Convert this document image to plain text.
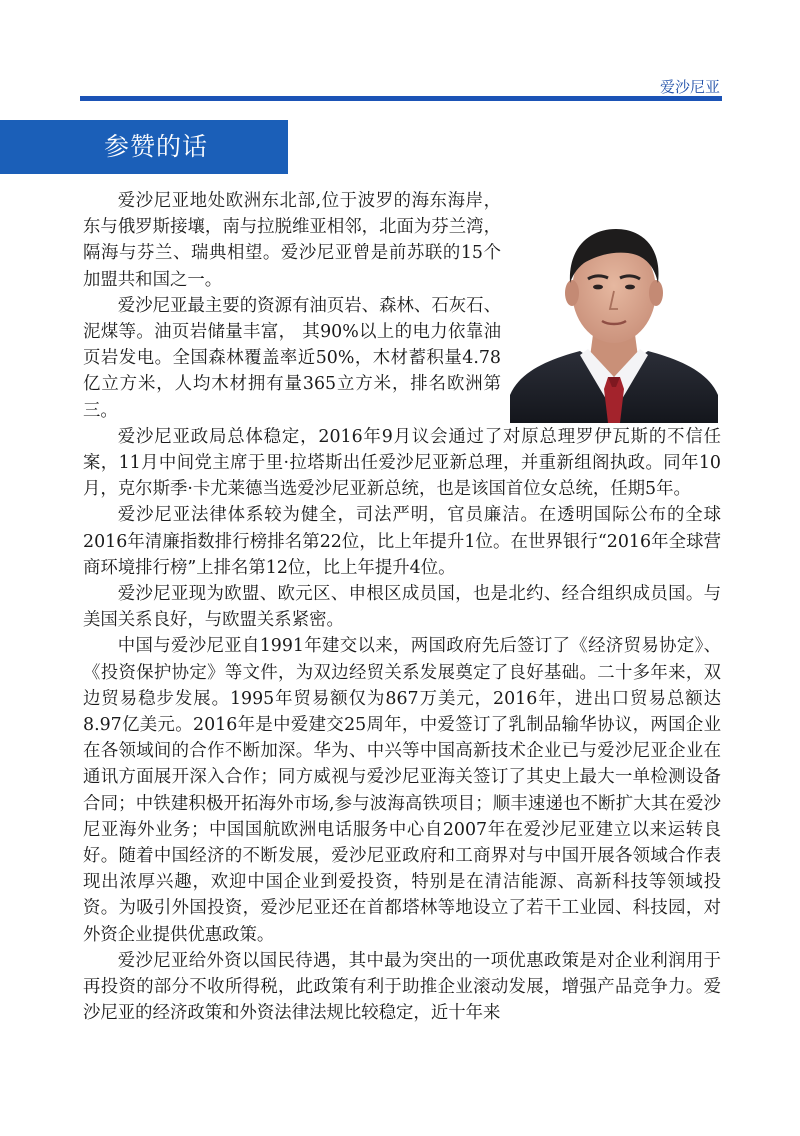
爱沙尼亚
参赞的话

爱沙尼亚地处欧洲东北部,位于波罗的海东海岸，东与俄罗斯接壤，南与拉脱维亚相邻，北面为芬兰湾，隔海与芬兰、瑞典相望。爱沙尼亚曾是前苏联的15个加盟共和国之一。

爱沙尼亚最主要的资源有油页岩、森林、石灰石、泥煤等。油页岩储量丰富， 其90%以上的电力依靠油页岩发电。全国森林覆盖率近50%，木材蓄积量4.78亿立方米，人均木材拥有量365立方米，排名欧洲第三。

爱沙尼亚政局总体稳定，2016年9月议会通过了对原总理罗伊瓦斯的不信任案，11月中间党主席于里·拉塔斯出任爱沙尼亚新总理，并重新组阁执政。同年10月，克尔斯季·卡尤莱德当选爱沙尼亚新总统，也是该国首位女总统，任期5年。

爱沙尼亚法律体系较为健全，司法严明，官员廉洁。在透明国际公布的全球2016年清廉指数排行榜排名第22位，比上年提升1位。在世界银行“2016年全球营商环境排行榜”上排名第12位，比上年提升4位。

爱沙尼亚现为欧盟、欧元区、申根区成员国，也是北约、经合组织成员国。与美国关系良好，与欧盟关系紧密。

中国与爱沙尼亚自1991年建交以来，两国政府先后签订了《经济贸易协定》、《投资保护协定》等文件，为双边经贸关系发展奠定了良好基础。二十多年来，双边贸易稳步发展。1995年贸易额仅为867万美元，2016年，进出口贸易总额达8.97亿美元。2016年是中爱建交25周年，中爱签订了乳制品输华协议，两国企业在各领域间的合作不断加深。华为、中兴等中国高新技术企业已与爱沙尼亚企业在通讯方面展开深入合作；同方威视与爱沙尼亚海关签订了其史上最大一单检测设备合同；中铁建积极开拓海外市场,参与波海高铁项目；顺丰速递也不断扩大其在爱沙尼亚海外业务；中国国航欧洲电话服务中心自2007年在爱沙尼亚建立以来运转良好。随着中国经济的不断发展，爱沙尼亚政府和工商界对与中国开展各领域合作表现出浓厚兴趣，欢迎中国企业到爱投资，特别是在清洁能源、高新科技等领域投资。为吸引外国投资，爱沙尼亚还在首都塔林等地设立了若干工业园、科技园，对外资企业提供优惠政策。

爱沙尼亚给外资以国民待遇，其中最为突出的一项优惠政策是对企业利润用于再投资的部分不收所得税，此政策有利于助推企业滚动发展，增强产品竞争力。爱沙尼亚的经济政策和外资法律法规比较稳定，近十年来
